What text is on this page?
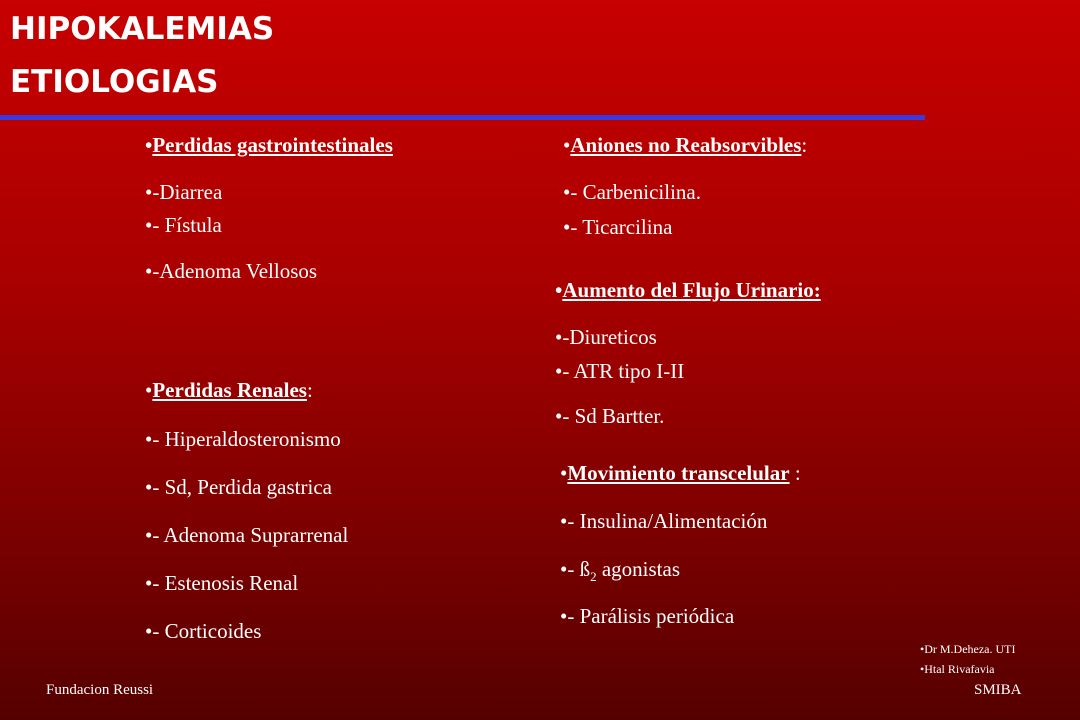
HIPOKALEMIAS
ETIOLOGIAS
•Perdidas gastrointestinales
•-Diarrea
•- Fístula
•-Adenoma Vellosos
•Perdidas Renales:
•- Hiperaldosteronismo
•- Sd, Perdida gastrica
•- Adenoma Suprarrenal
•- Estenosis Renal
•- Corticoides
•Aniones no Reabsorvibles:
•- Carbenicilina.
•- Ticarcilina
•Aumento del Flujo Urinario:
•-Diureticos
•- ATR tipo I-II
•- Sd Bartter.
•Movimiento transcelular :
•- Insulina/Alimentación
•- $ß_2$ agonistas
•- Parálisis periódica
Fundacion Reussi
•Dr M.Deheza. UTI
•Htal Rivafavia
SMIBA
